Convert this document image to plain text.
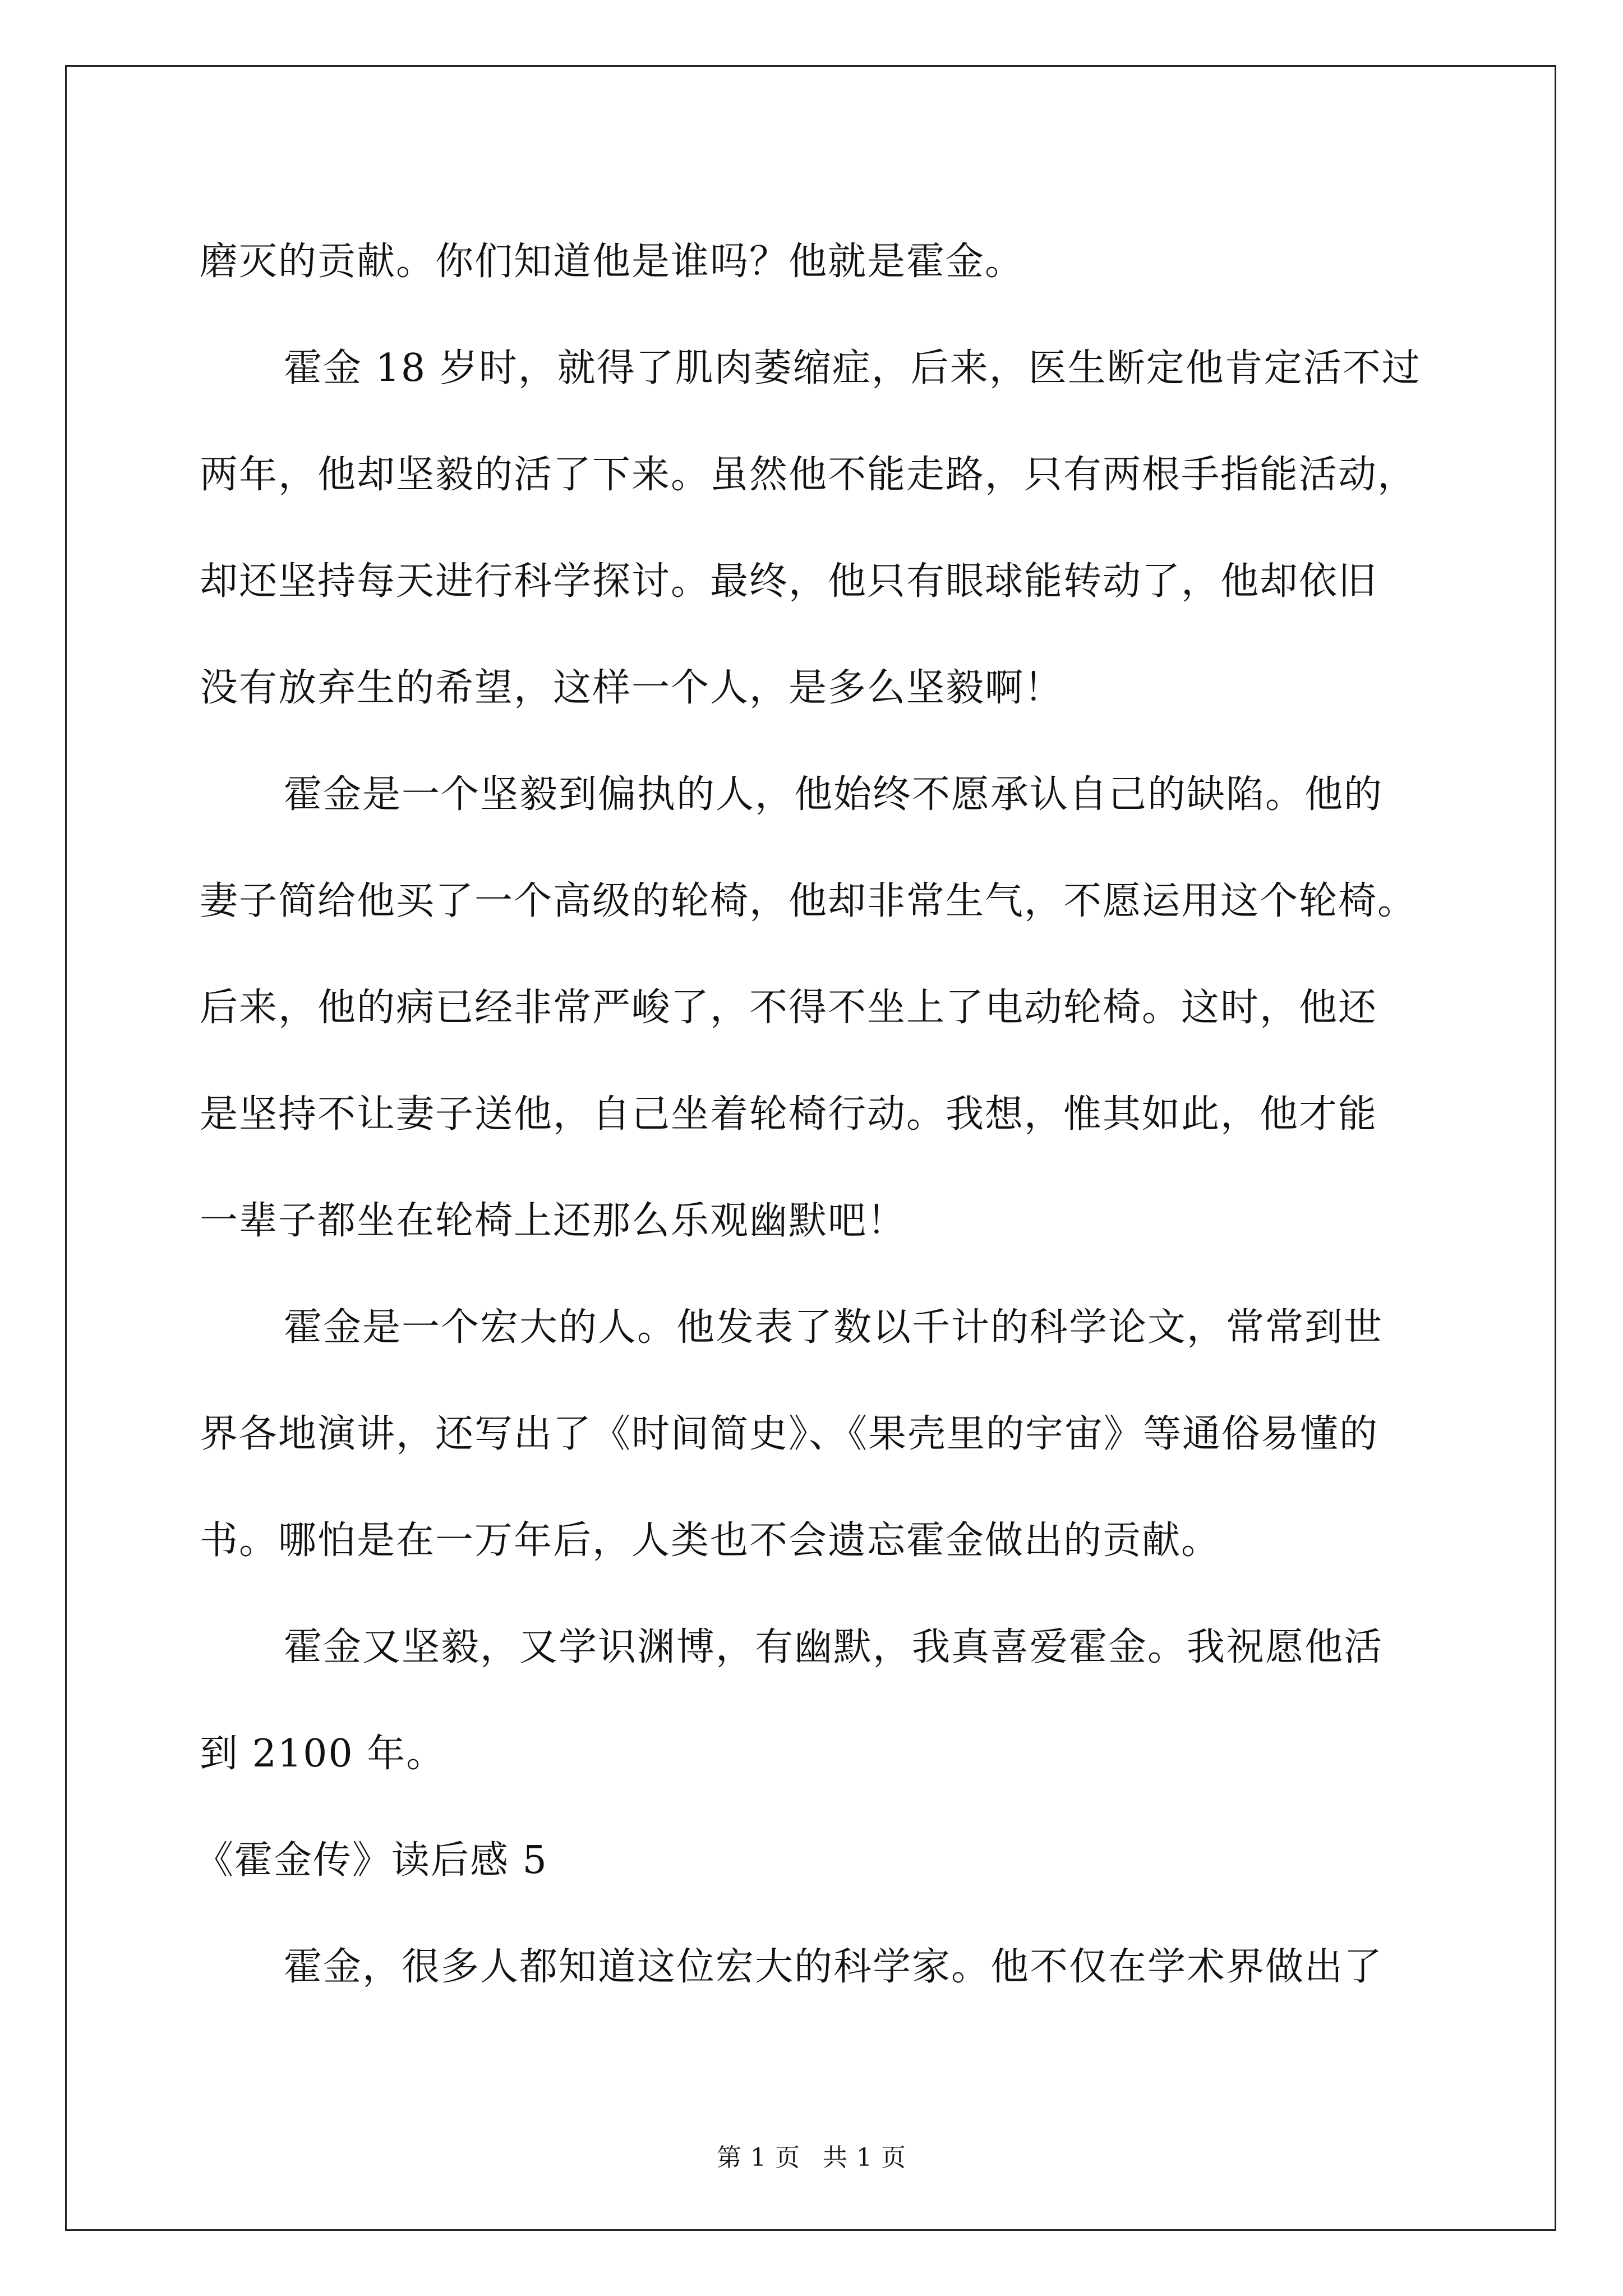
磨灭的贡献。你们知道他是谁吗？他就是霍金。
霍金 18 岁时，就得了肌肉萎缩症，后来，医生断定他肯定活不过
两年，他却坚毅的活了下来。虽然他不能走路，只有两根手指能活动，
却还坚持每天进行科学探讨。最终，他只有眼球能转动了，他却依旧
没有放弃生的希望，这样一个人，是多么坚毅啊！
霍金是一个坚毅到偏执的人，他始终不愿承认自己的缺陷。他的
妻子简给他买了一个高级的轮椅，他却非常生气，不愿运用这个轮椅。
后来，他的病已经非常严峻了，不得不坐上了电动轮椅。这时，他还
是坚持不让妻子送他，自己坐着轮椅行动。我想，惟其如此，他才能
一辈子都坐在轮椅上还那么乐观幽默吧！
霍金是一个宏大的人。他发表了数以千计的科学论文，常常到世
界各地演讲，还写出了《时间简史》、《果壳里的宇宙》等通俗易懂的
书。哪怕是在一万年后，人类也不会遗忘霍金做出的贡献。
霍金又坚毅，又学识渊博，有幽默，我真喜爱霍金。我祝愿他活
到 2100 年。
《霍金传》读后感 5
霍金，很多人都知道这位宏大的科学家。他不仅在学术界做出了
第 1 页 共 1 页
